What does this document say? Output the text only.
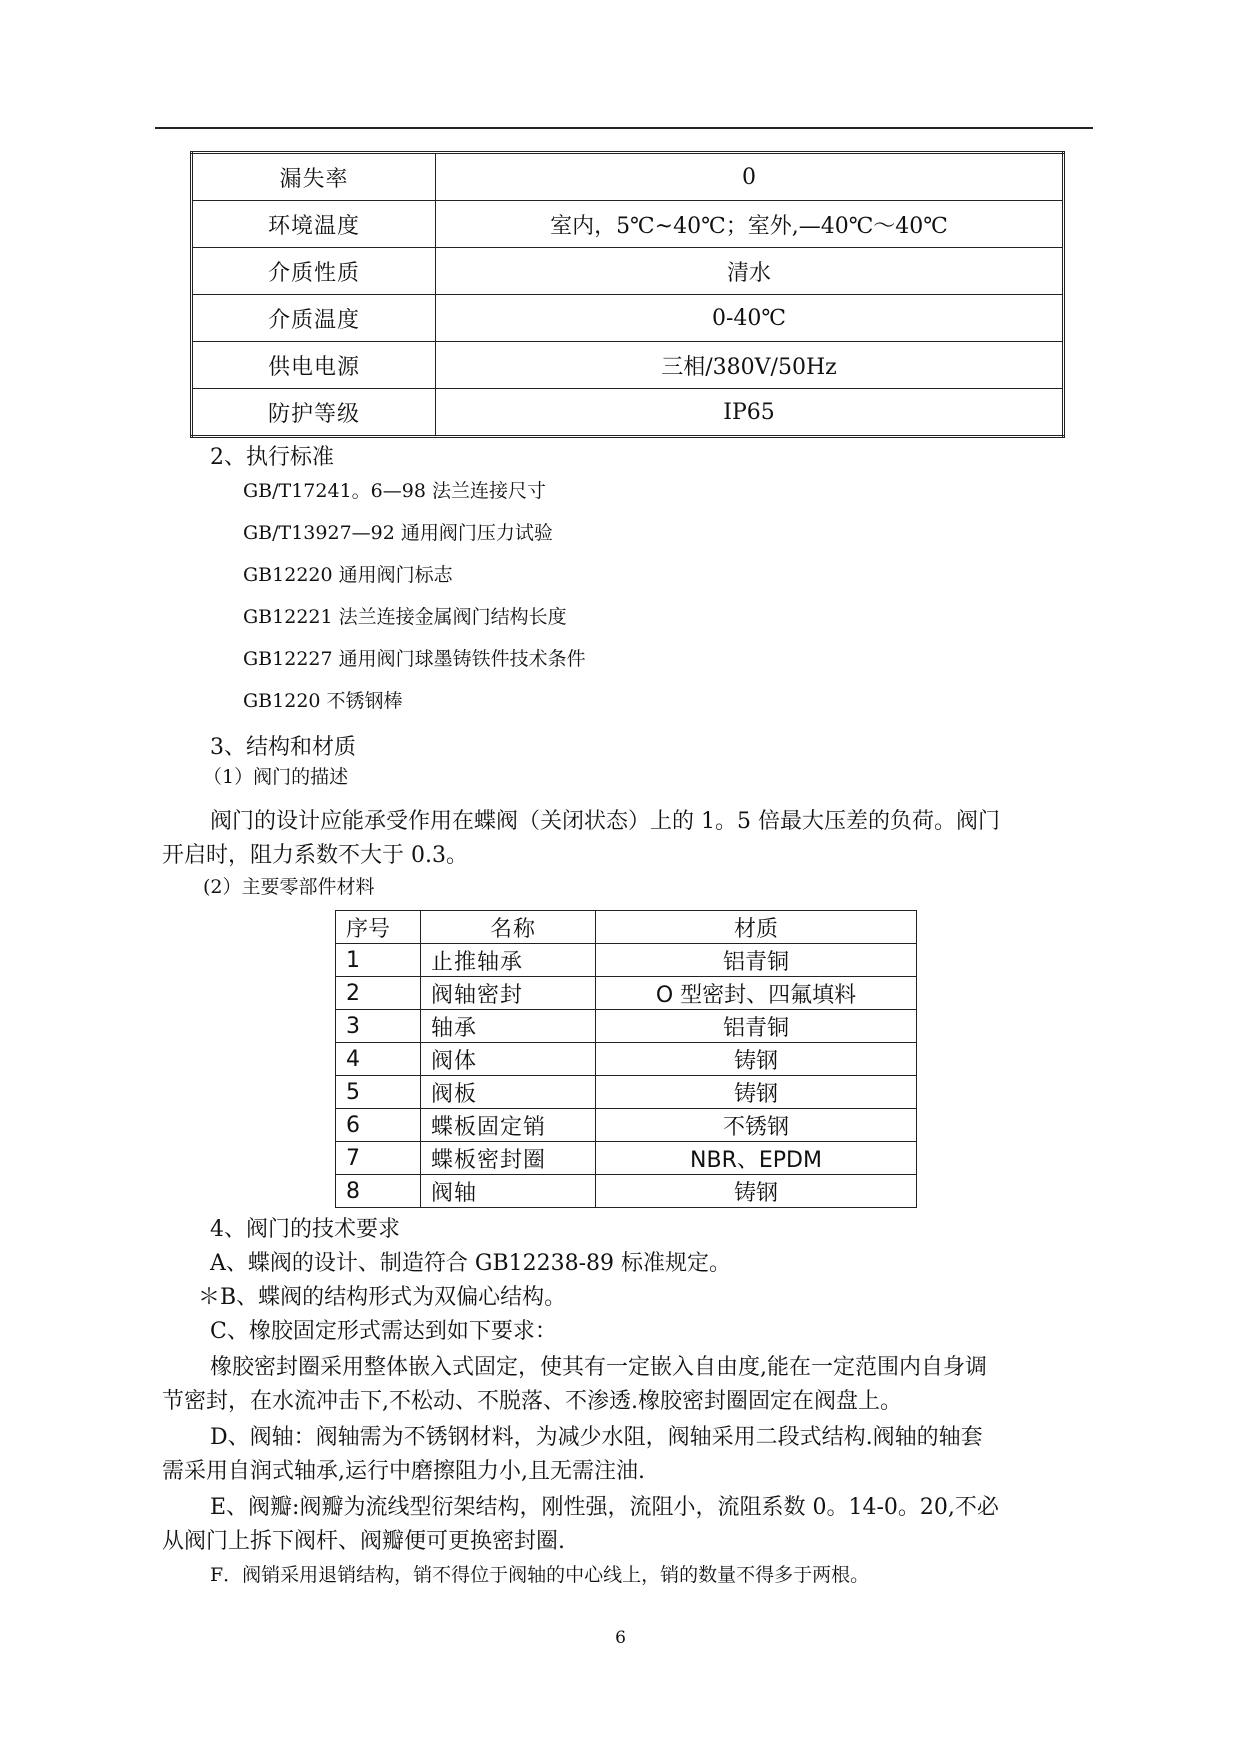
漏失率	0
环境温度	室内，5℃~40℃；室外,—40℃～40℃
介质性质	清水
介质温度	0-40℃
供电电源	三相/380V/50Hz
防护等级	IP65
2、执行标准
GB/T17241。6—98 法兰连接尺寸
GB/T13927—92 通用阀门压力试验
GB12220 通用阀门标志
GB12221 法兰连接金属阀门结构长度
GB12227 通用阀门球墨铸铁件技术条件
GB1220 不锈钢棒
3、结构和材质
（1）阀门的描述
阀门的设计应能承受作用在蝶阀（关闭状态）上的 1。5 倍最大压差的负荷。阀门
开启时，阻力系数不大于 0.3。
(2）主要零部件材料
序号	名称	材质
1	止推轴承	铝青铜
2	阀轴密封	O 型密封、四氟填料
3	轴承	铝青铜
4	阀体	铸钢
5	阀板	铸钢
6	蝶板固定销	不锈钢
7	蝶板密封圈	NBR、EPDM
8	阀轴	铸钢
4、阀门的技术要求
A、蝶阀的设计、制造符合 GB12238-89 标准规定。
＊B、蝶阀的结构形式为双偏心结构。
C、橡胶固定形式需达到如下要求：
橡胶密封圈采用整体嵌入式固定，使其有一定嵌入自由度,能在一定范围内自身调
节密封，在水流冲击下,不松动、不脱落、不渗透.橡胶密封圈固定在阀盘上。
D、阀轴：阀轴需为不锈钢材料，为减少水阻，阀轴采用二段式结构.阀轴的轴套
需采用自润式轴承,运行中磨擦阻力小,且无需注油.
E、阀瓣:阀瓣为流线型衍架结构，刚性强，流阻小，流阻系数 0。14-0。20,不必
从阀门上拆下阀杆、阀瓣便可更换密封圈.
F．阀销采用退销结构，销不得位于阀轴的中心线上，销的数量不得多于两根。
6
